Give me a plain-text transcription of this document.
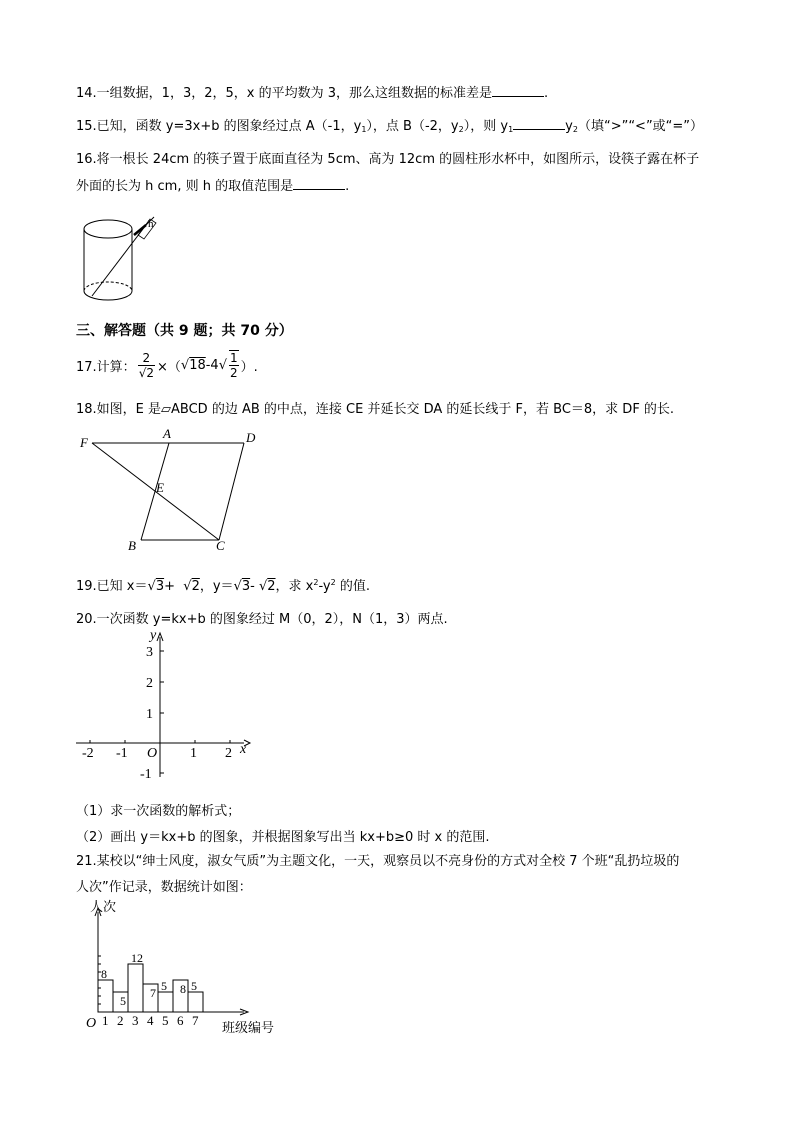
14.一组数据，1，3，2，5，x 的平均数为 3，那么这组数据的标准差是	.
15.已知，函数 y=3x+b 的图象经过点 A（-1，$y_1$），点 B（-2，$y_2$），则 $y_1$	$y_2$（填“>”“<”或“=”）
16.将一根长 24cm 的筷子置于底面直径为 5cm、高为 12cm 的圆柱形水杯中，如图所示，设筷子露在杯子
外面的长为 h cm, 则 h 的取值范围是	.
h
三、解答题（共 9 题；共 70 分）
17.计算： $\frac{2}{√2}$ ×（ √18 -4 √ $\frac{1}{2}$ ）.
18.如图，E 是▱ABCD 的边 AB 的中点，连接 CE 并延长交 DA 的延长线于 F，若 BC＝8，求 DF 的长.
F
A	D
E
B	C
19.已知 x＝√3+  √2，y＝√3- √2，求 $x^2-y^2$ 的值.
20.一次函数 y=kx+b 的图象经过 M（0，2），N（1，3）两点.
-2 -1	1 2
3
2
1
-1
O	x
y
（1）求一次函数的解析式；
（2）画出 y＝kx+b 的图象，并根据图象写出当 kx+b≥0 时 x 的范围.
21.某校以“绅士风度，淑女气质”为主题文化，一天，观察员以不亮身份的方式对全校 7 个班“乱扔垃圾的
人次”作记录，数据统计如图：
人次
班级编号
O
8
1
5
2
12
3
7
4
5
5
8
6
5
7
